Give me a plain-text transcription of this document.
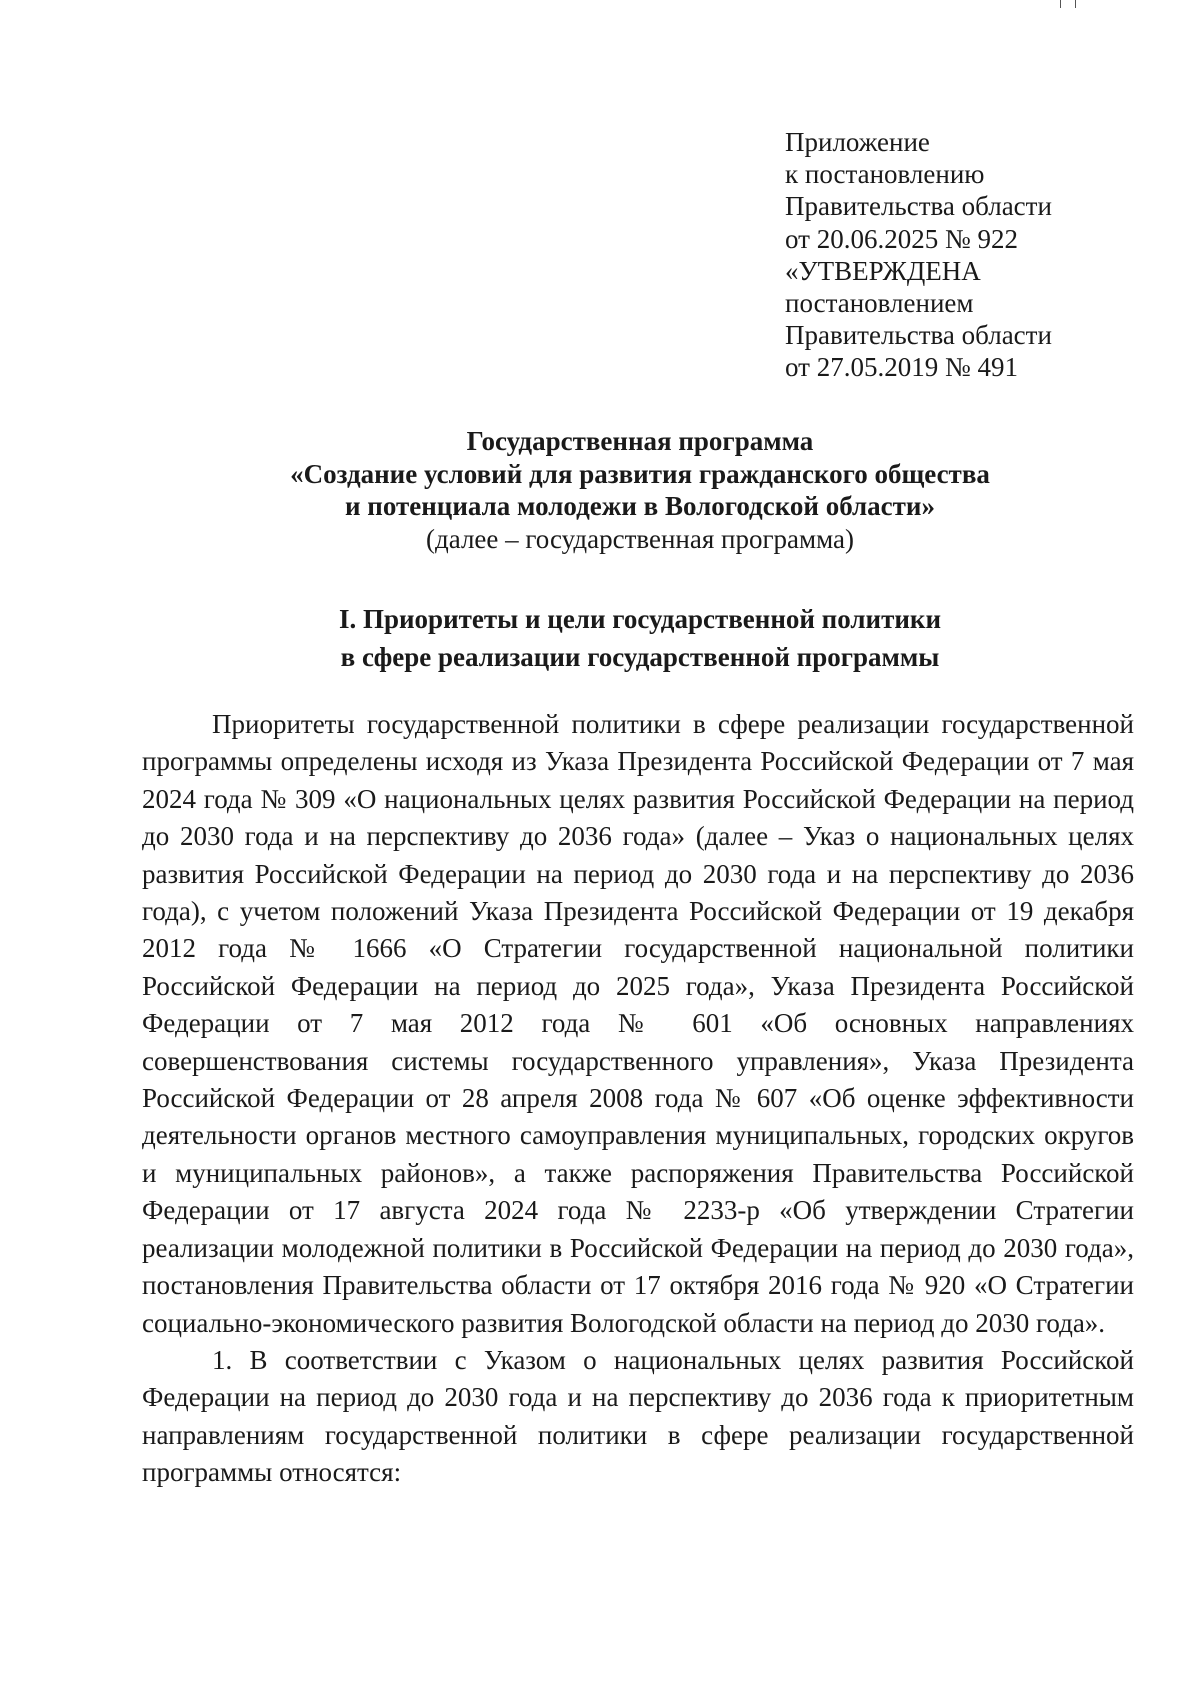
Приложение
к постановлению
Правительства области
от 20.06.2025 № 922
«УТВЕРЖДЕНА
постановлением
Правительства области
от 27.05.2019 № 491
Государственная программа
«Создание условий для развития гражданского общества
и потенциала молодежи в Вологодской области»
(далее – государственная программа)
I. Приоритеты и цели государственной политики
в сфере реализации государственной программы

Приоритеты государственной политики в сфере реализации государственной программы определены исходя из Указа Президента Российской Федерации от 7 мая 2024 года № 309 «О национальных целях развития Российской Федерации на период до 2030 года и на перспективу до 2036 года» (далее – Указ о национальных целях развития Российской Федерации на период до 2030 года и на перспективу до 2036 года), с учетом положений Указа Президента Российской Федерации от 19 декабря 2012 года № 1666 «О Стратегии государственной национальной политики Российской Федерации на период до 2025 года», Указа Президента Российской Федерации от 7 мая 2012 года № 601 «Об основных направлениях совершенствования системы государственного управления», Указа Президента Российской Федерации от 28 апреля 2008 года № 607 «Об оценке эффективности деятельности органов местного самоуправления муниципальных, городских округов и муниципальных районов», а также распоряжения Правительства Российской Федерации от 17 августа 2024 года № 2233-р «Об утверждении Стратегии реализации молодежной политики в Российской Федерации на период до 2030 года», постановления Правительства области от 17 октября 2016 года № 920 «О Стратегии социально-экономического развития Вологодской области на период до 2030 года».

1. В соответствии с Указом о национальных целях развития Российской Федерации на период до 2030 года и на перспективу до 2036 года к приоритетным направлениям государственной политики в сфере реализации государственной программы относятся:
